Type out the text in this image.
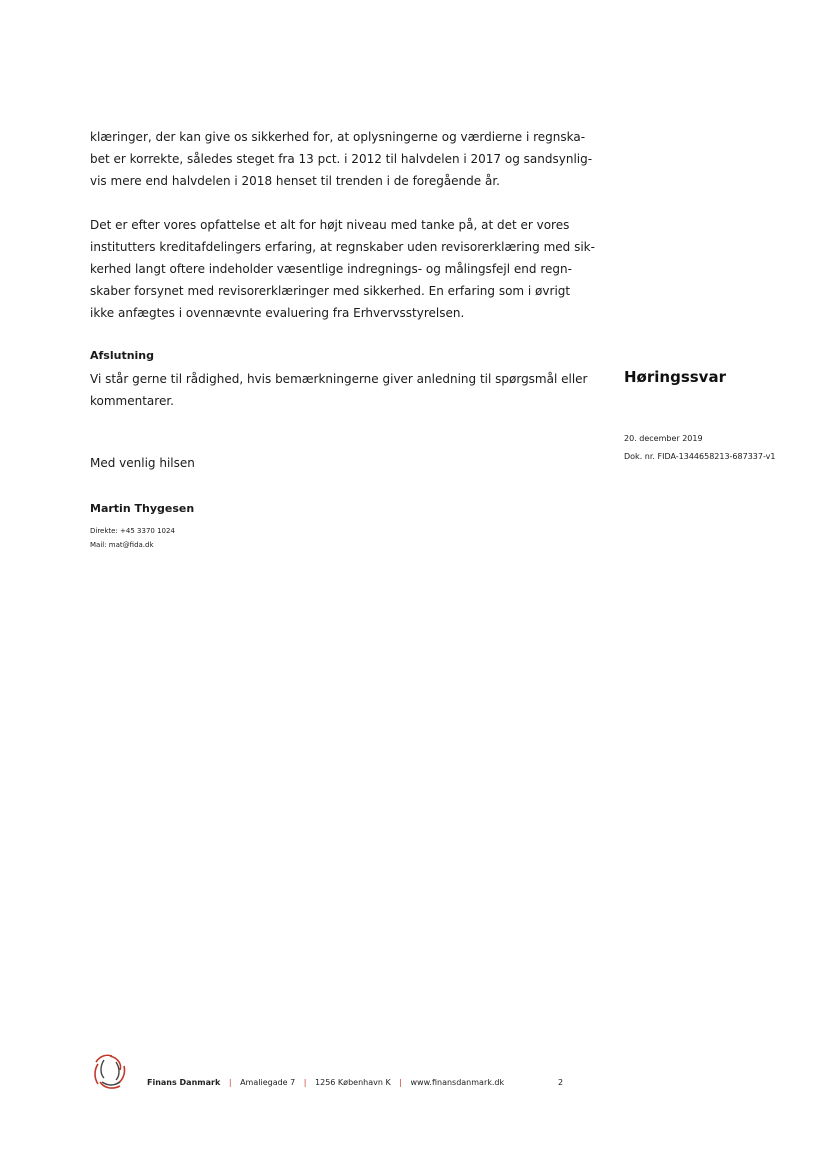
klæringer, der kan give os sikkerhed for, at oplysningerne og værdierne i regnska-
bet er korrekte, således steget fra 13 pct. i 2012 til halvdelen i 2017 og sandsynlig-
vis mere end halvdelen i 2018 henset til trenden i de foregående år.

Det er efter vores opfattelse et alt for højt niveau med tanke på, at det er vores
institutters kreditafdelingers erfaring, at regnskaber uden revisorerklæring med sik-
kerhed langt oftere indeholder væsentlige indregnings- og målingsfejl end regn-
skaber forsynet med revisorerklæringer med sikkerhed. En erfaring som i øvrigt
ikke anfægtes i ovennævnte evaluering fra Erhvervsstyrelsen.

Afslutning

Vi står gerne til rådighed, hvis bemærkningerne giver anledning til spørgsmål eller
kommentarer.

Med venlig hilsen

Martin Thygesen

Direkte: +45 3370 1024
Mail: mat@fida.dk

Høringssvar

20. december 2019
Dok. nr. FIDA-1344658213-687337-v1

Finans Danmark | Amaliegade 7 | 1256 København K | www.finansdanmark.dk	2
